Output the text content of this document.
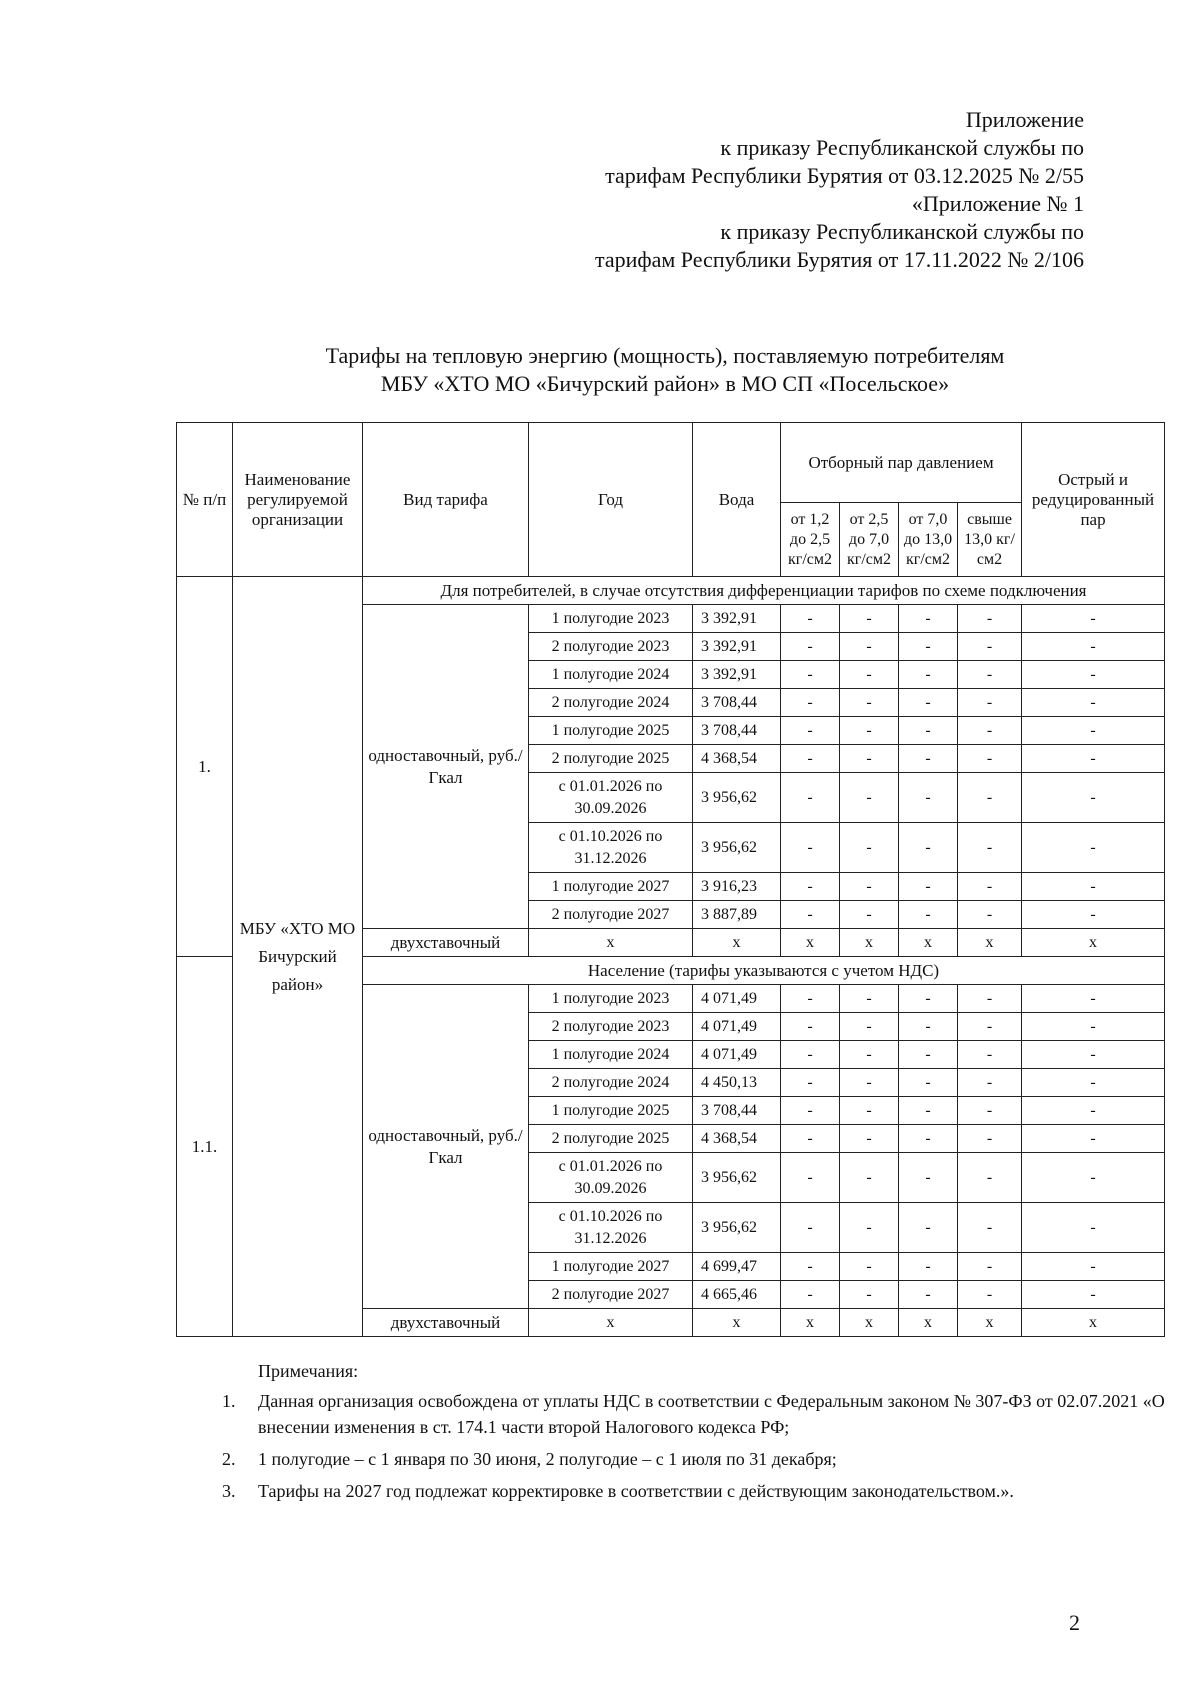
Приложение
к приказу Республиканской службы по
тарифам Республики Бурятия от 03.12.2025 № 2/55
«Приложение № 1
к приказу Республиканской службы по
тарифам Республики Бурятия от 17.11.2022 № 2/106
Тарифы на тепловую энергию (мощность), поставляемую потребителям
МБУ «ХТО МО «Бичурский район» в МО СП «Посельское»
№ п/п	Наименование регулируемой организации	Вид тарифа	Год	Вода	Отборный пар давлением				Острый и редуцированный пар
					от 1,2 до 2,5 кг/см2	от 2,5 до 7,0 кг/см2	от 7,0 до 13,0 кг/см2	свыше 13,0 кг/см2	
1.	МБУ «ХТО МО Бичурский район»	Для потребителей, в случае отсутствия дифференциации тарифов по схеме подключения							
		одноставочный, руб./Гкал	1 полугодие 2023	3 392,91	-	-	-	-	-
			2 полугодие 2023	3 392,91	-	-	-	-	-
			1 полугодие 2024	3 392,91	-	-	-	-	-
			2 полугодие 2024	3 708,44	-	-	-	-	-
			1 полугодие 2025	3 708,44	-	-	-	-	-
			2 полугодие 2025	4 368,54	-	-	-	-	-
			с 01.01.2026 по 30.09.2026	3 956,62	-	-	-	-	-
			с 01.10.2026 по 31.12.2026	3 956,62	-	-	-	-	-
			1 полугодие 2027	3 916,23	-	-	-	-	-
			2 полугодие 2027	3 887,89	-	-	-	-	-
		двухставочный	х	х	х	х	х	х	х
1.1.		Население (тарифы указываются с учетом НДС)							
		одноставочный, руб./Гкал	1 полугодие 2023	4 071,49	-	-	-	-	-
			2 полугодие 2023	4 071,49	-	-	-	-	-
			1 полугодие 2024	4 071,49	-	-	-	-	-
			2 полугодие 2024	4 450,13	-	-	-	-	-
			1 полугодие 2025	3 708,44	-	-	-	-	-
			2 полугодие 2025	4 368,54	-	-	-	-	-
			с 01.01.2026 по 30.09.2026	3 956,62	-	-	-	-	-
			с 01.10.2026 по 31.12.2026	3 956,62	-	-	-	-	-
			1 полугодие 2027	4 699,47	-	-	-	-	-
			2 полугодие 2027	4 665,46	-	-	-	-	-
		двухставочный	х	х	х	х	х	х	х
Примечания:
1.	Данная организация освобождена от уплаты НДС в соответствии с Федеральным законом № 307-ФЗ от 02.07.2021 «О внесении изменения в ст. 174.1 части второй Налогового кодекса РФ;
2.	1 полугодие – с 1 января по 30 июня, 2 полугодие – с 1 июля по 31 декабря;
3.	Тарифы на 2027 год подлежат корректировке в соответствии с действующим законодательством.».
2
